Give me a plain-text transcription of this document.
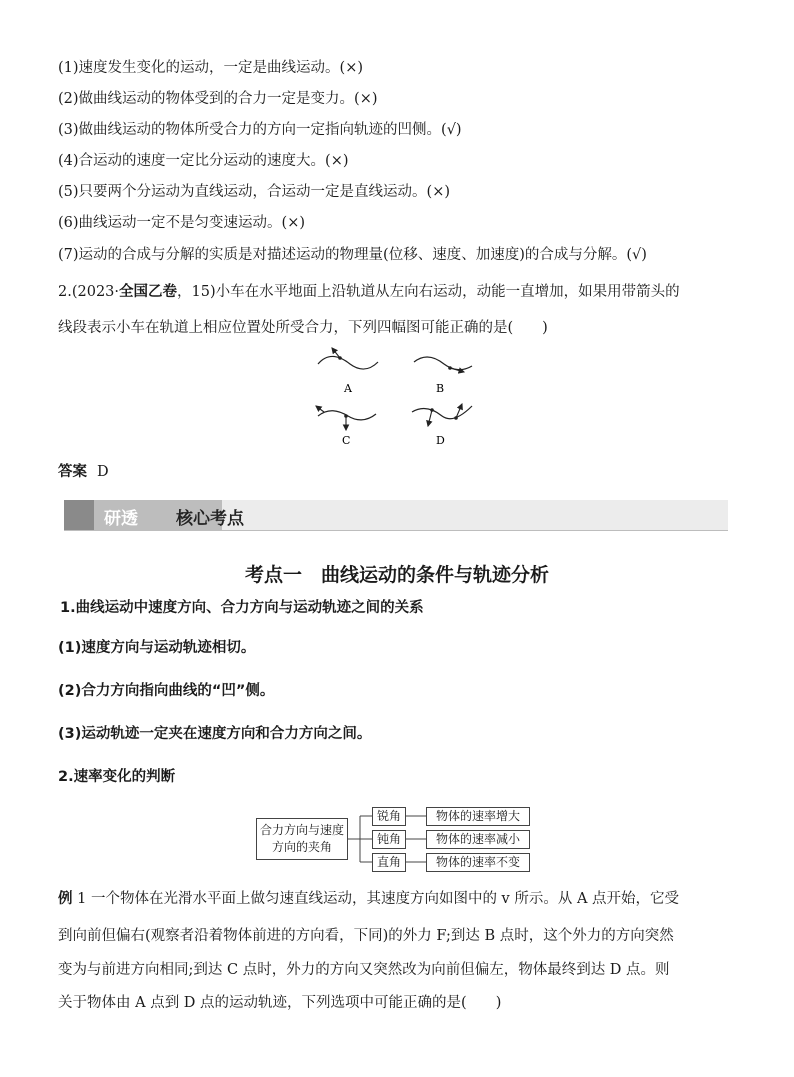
(1)速度发生变化的运动，一定是曲线运动。(×)
(2)做曲线运动的物体受到的合力一定是变力。(×)
(3)做曲线运动的物体所受合力的方向一定指向轨迹的凹侧。(√)
(4)合运动的速度一定比分运动的速度大。(×)
(5)只要两个分运动为直线运动，合运动一定是直线运动。(×)
(6)曲线运动一定不是匀变速运动。(×)
(7)运动的合成与分解的实质是对描述运动的物理量(位移、速度、加速度)的合成与分解。(√)
2.(2023·全国乙卷，15)小车在水平地面上沿轨道从左向右运动，动能一直增加，如果用带箭头的
线段表示小车在轨道上相应位置处所受合力，下列四幅图可能正确的是(　　)
A	B
C	D
答案 D
研透 核心考点
考点一　曲线运动的条件与轨迹分析
1.曲线运动中速度方向、合力方向与运动轨迹之间的关系
(1)速度方向与运动轨迹相切。
(2)合力方向指向曲线的“凹”侧。
(3)运动轨迹一定夹在速度方向和合力方向之间。
2.速率变化的判断
合力方向与速度方向的夹角
锐角
钝角
直角
物体的速率增大
物体的速率减小
物体的速率不变
例 1 一个物体在光滑水平面上做匀速直线运动，其速度方向如图中的 v 所示。从 A 点开始，它受
到向前但偏右(观察者沿着物体前进的方向看，下同)的外力 F;到达 B 点时，这个外力的方向突然
变为与前进方向相同;到达 C 点时，外力的方向又突然改为向前但偏左，物体最终到达 D 点。则
关于物体由 A 点到 D 点的运动轨迹，下列选项中可能正确的是(　　)
